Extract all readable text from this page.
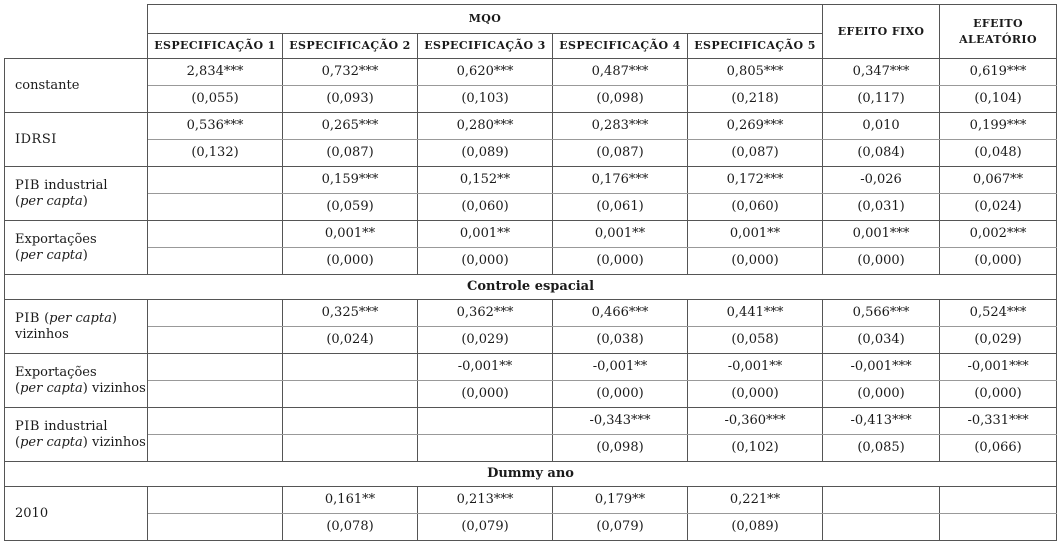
	MQO					EFEITO FIXO	EFEITO
ALEATÓRIO
	ESPECIFICAÇÃO 1	ESPECIFICAÇÃO 2	ESPECIFICAÇÃO 3	ESPECIFICAÇÃO 4	ESPECIFICAÇÃO 5		
constante	2,834***	0,732***	0,620***	0,487***	0,805***	0,347***	0,619***
	(0,055)	(0,093)	(0,103)	(0,098)	(0,218)	(0,117)	(0,104)
IDRSI	0,536***	0,265***	0,280***	0,283***	0,269***	0,010	0,199***
	(0,132)	(0,087)	(0,089)	(0,087)	(0,087)	(0,084)	(0,048)
PIB industrial
(per capta)		0,159***	0,152**	0,176***	0,172***	-0,026	0,067**
		(0,059)	(0,060)	(0,061)	(0,060)	(0,031)	(0,024)
Exportações
(per capta)		0,001**	0,001**	0,001**	0,001**	0,001***	0,002***
		(0,000)	(0,000)	(0,000)	(0,000)	(0,000)	(0,000)
Controle espacial							
PIB (per capta)
vizinhos		0,325***	0,362***	0,466***	0,441***	0,566***	0,524***
		(0,024)	(0,029)	(0,038)	(0,058)	(0,034)	(0,029)
Exportações
(per capta) vizinhos			-0,001**	-0,001**	-0,001**	-0,001***	-0,001***
			(0,000)	(0,000)	(0,000)	(0,000)	(0,000)
PIB industrial
(per capta) vizinhos				-0,343***	-0,360***	-0,413***	-0,331***
				(0,098)	(0,102)	(0,085)	(0,066)
Dummy ano							
2010		0,161**	0,213***	0,179**	0,221**		
		(0,078)	(0,079)	(0,079)	(0,089)		
